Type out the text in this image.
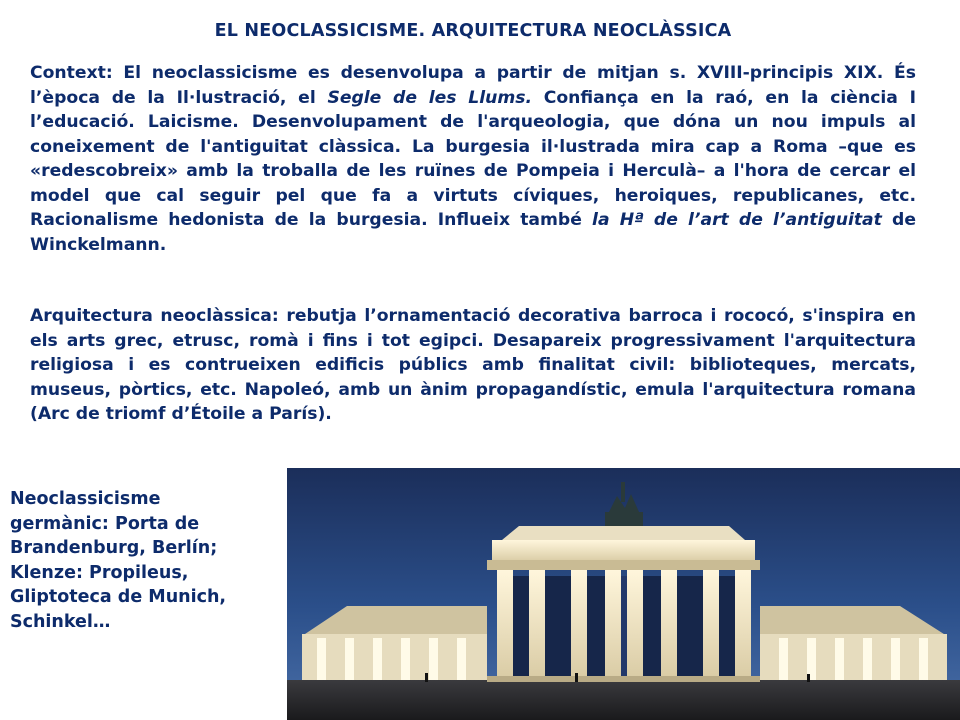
EL NEOCLASSICISME. ARQUITECTURA NEOCLÀSSICA

Context: El neoclassicisme es desenvolupa a partir de mitjan s. XVIII-principis XIX. És l’època de la Il·lustració, el Segle de les Llums. Confiança en la raó, en la ciència I l’educació. Laicisme. Desenvolupament de l'arqueologia, que dóna un nou impuls al coneixement de l'antiguitat clàssica. La burgesia il·lustrada mira cap a Roma –que es «redescobreix» amb la troballa de les ruïnes de Pompeia i Herculà– a l'hora de cercar el model que cal seguir pel que fa a virtuts cíviques, heroiques, republicanes, etc. Racionalisme hedonista de la burgesia. Influeix també la Hª de l’art de l’antiguitat de Winckelmann.

Arquitectura neoclàssica: rebutja l’ornamentació decorativa barroca i rococó, s'inspira en els arts grec, etrusc, romà i fins i tot egipci. Desapareix progressivament l'arquitectura religiosa i es contrueixen edificis públics amb finalitat civil: biblioteques, mercats, museus, pòrtics, etc. Napoleó, amb un ànim propagandístic, emula l'arquitectura romana (Arc de triomf d’Étoile a París).

Neoclassicisme
germànic: Porta de
Brandenburg, Berlín;
Klenze: Propileus,
Gliptoteca de Munich,
Schinkel…
